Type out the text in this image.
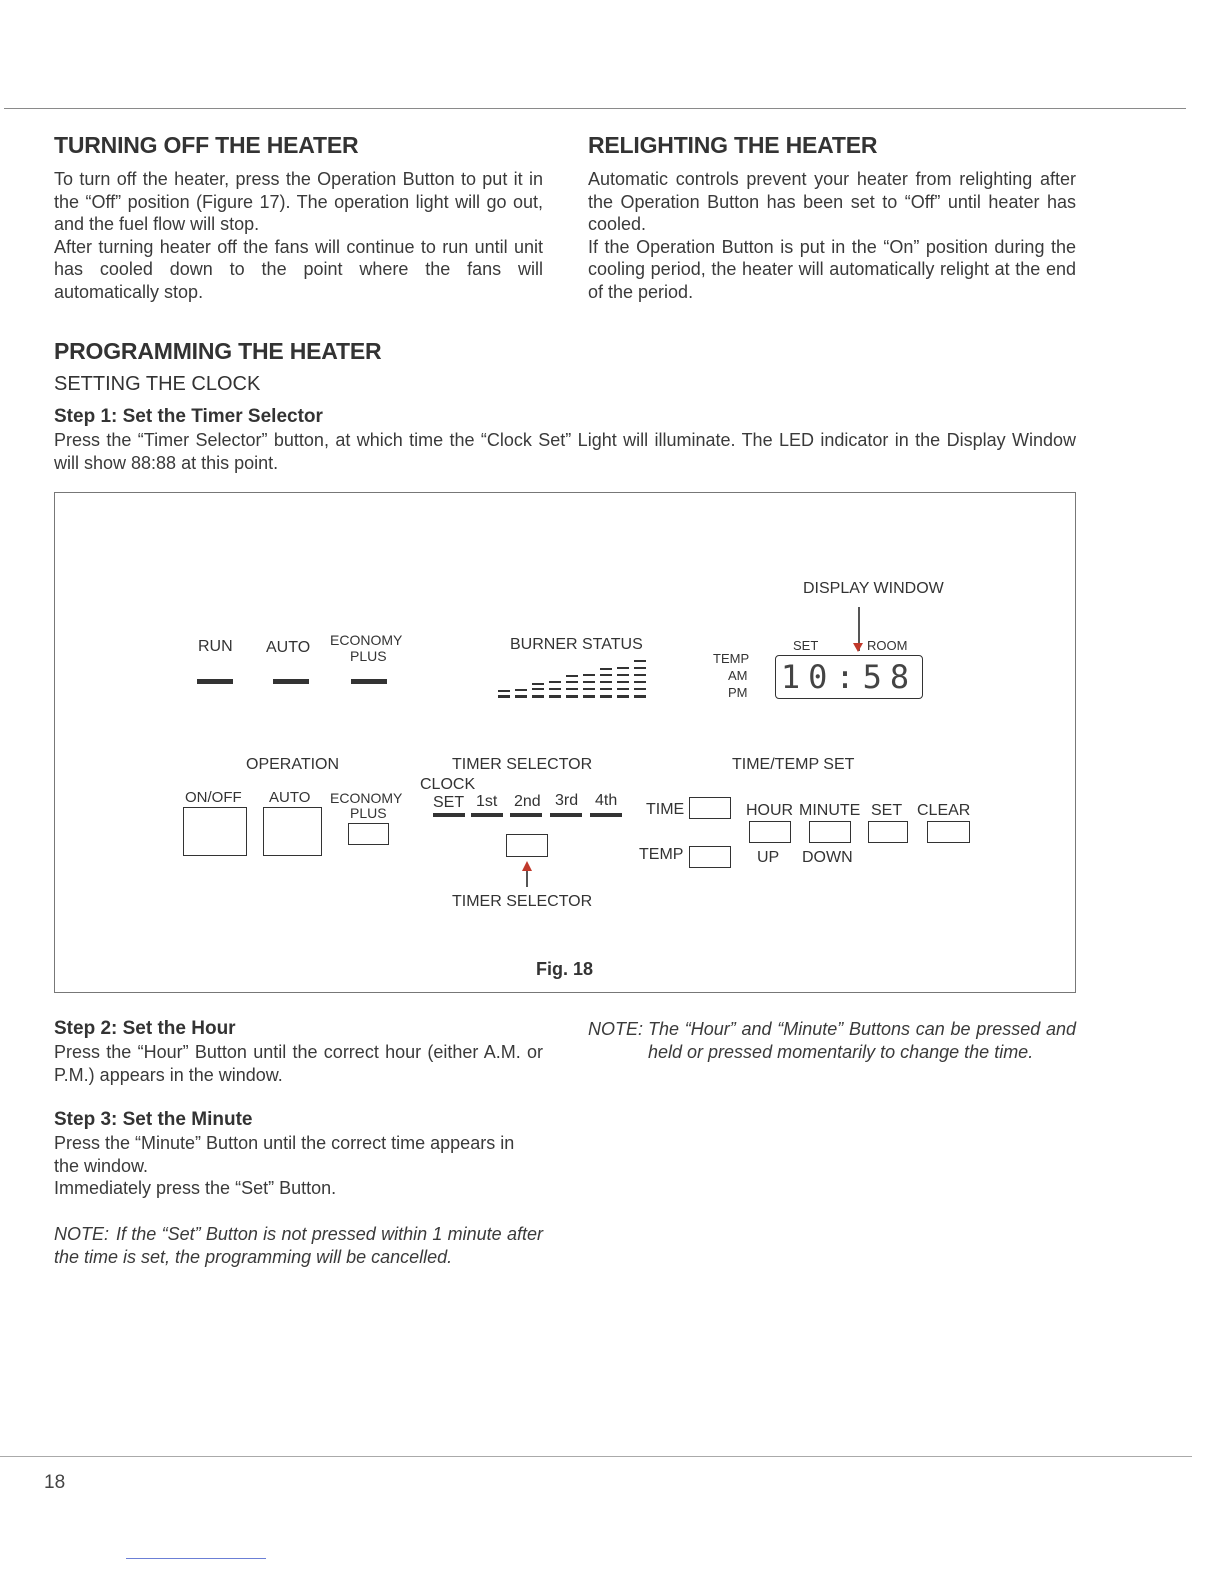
TURNING OFF THE HEATER

To turn off the heater, press the Operation Button to put it in the “Off” position (Figure 17). The operation light will go out, and the fuel flow will stop.

After turning heater off the fans will continue to run until unit has cooled down to the point where the fans will automatically stop.

RELIGHTING THE HEATER

Automatic controls prevent your heater from relighting after the Operation Button has been set to “Off” until heater has cooled.

If the Operation Button is put in the “On” position during the cooling period, the heater will automatically relight at the end of the period.

PROGRAMMING THE HEATER
SETTING THE CLOCK
Step 1: Set the Timer Selector

Press the “Timer Selector” button, at which time the “Clock Set” Light will illuminate. The LED indicator in the Display Window will show 88:88 at this point.

DISPLAY WINDOW
SET	ROOM
TEMP
AM
PM 10:58
RUN AUTO ECONOMY
PLUS
BURNER STATUS
OPERATION
ON/OFF AUTO ECONOMY
PLUS
TIMER SELECTOR
CLOCK
SET 1st 2nd 3rd 4th
TIMER SELECTOR
TIME/TEMP SET
TIME
TEMP
HOUR MINUTE SET CLEAR
UP DOWN
Fig. 18
Step 2: Set the Hour

Press the “Hour” Button until the correct hour (either A.M. or P.M.) appears in the window.

Step 3: Set the Minute

Press the “Minute” Button until the correct time appears in the window.

Immediately press the “Set” Button.

NOTE: If the “Set” Button is not pressed within 1 minute after the time is set, the programming will be cancelled.
NOTE: The “Hour” and “Minute” Buttons can be pressed and held or pressed momentarily to change the time.
18
